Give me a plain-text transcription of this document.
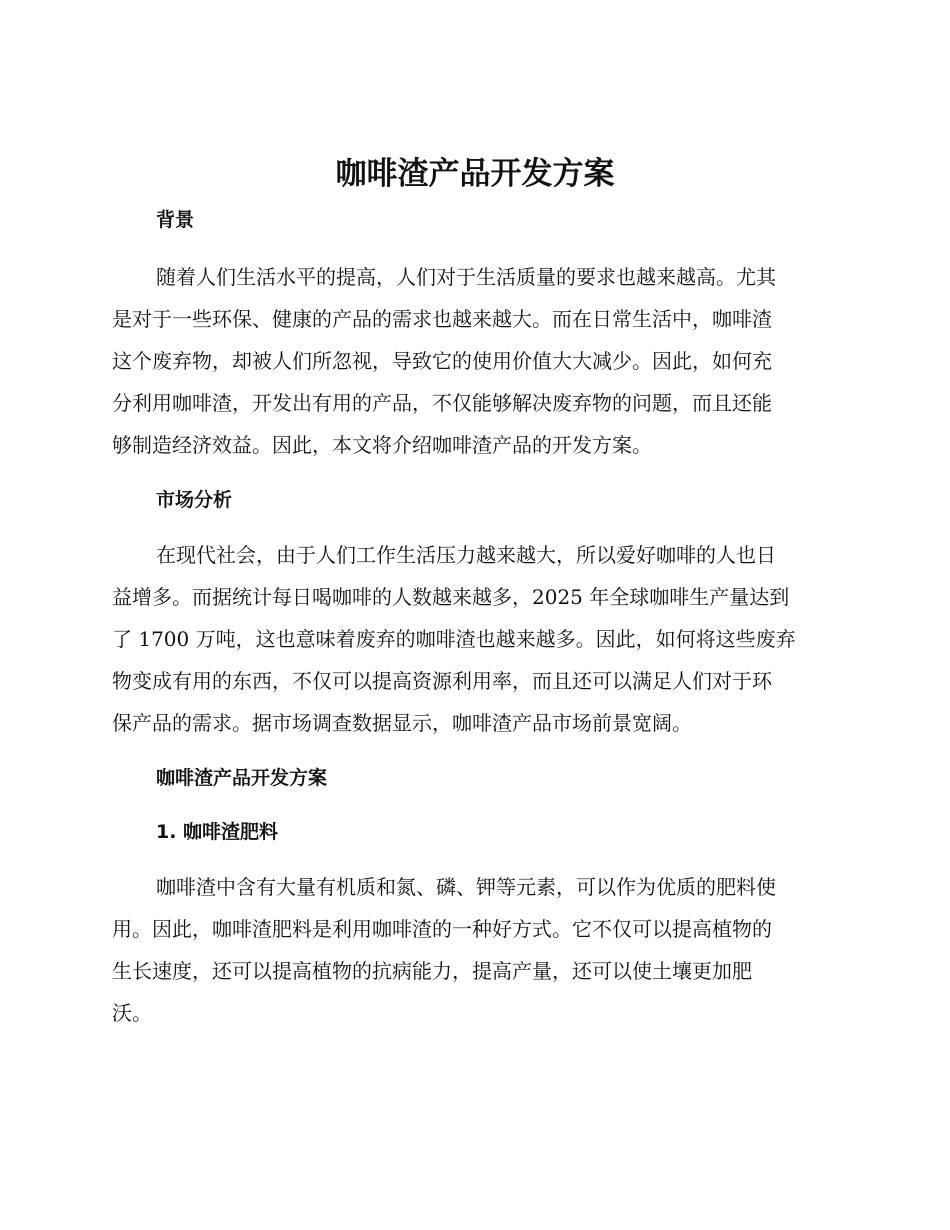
咖啡渣产品开发方案
背景
随着人们生活水平的提高，人们对于生活质量的要求也越来越高。尤其
是对于一些环保、健康的产品的需求也越来越大。而在日常生活中，咖啡渣
这个废弃物，却被人们所忽视，导致它的使用价值大大减少。因此，如何充
分利用咖啡渣，开发出有用的产品，不仅能够解决废弃物的问题，而且还能
够制造经济效益。因此，本文将介绍咖啡渣产品的开发方案。
市场分析
在现代社会，由于人们工作生活压力越来越大，所以爱好咖啡的人也日
益增多。而据统计每日喝咖啡的人数越来越多，2025 年全球咖啡生产量达到
了 1700 万吨，这也意味着废弃的咖啡渣也越来越多。因此，如何将这些废弃
物变成有用的东西，不仅可以提高资源利用率，而且还可以满足人们对于环
保产品的需求。据市场调查数据显示，咖啡渣产品市场前景宽阔。
咖啡渣产品开发方案
1. 咖啡渣肥料
咖啡渣中含有大量有机质和氮、磷、钾等元素，可以作为优质的肥料使
用。因此，咖啡渣肥料是利用咖啡渣的一种好方式。它不仅可以提高植物的
生长速度，还可以提高植物的抗病能力，提高产量，还可以使土壤更加肥
沃。
